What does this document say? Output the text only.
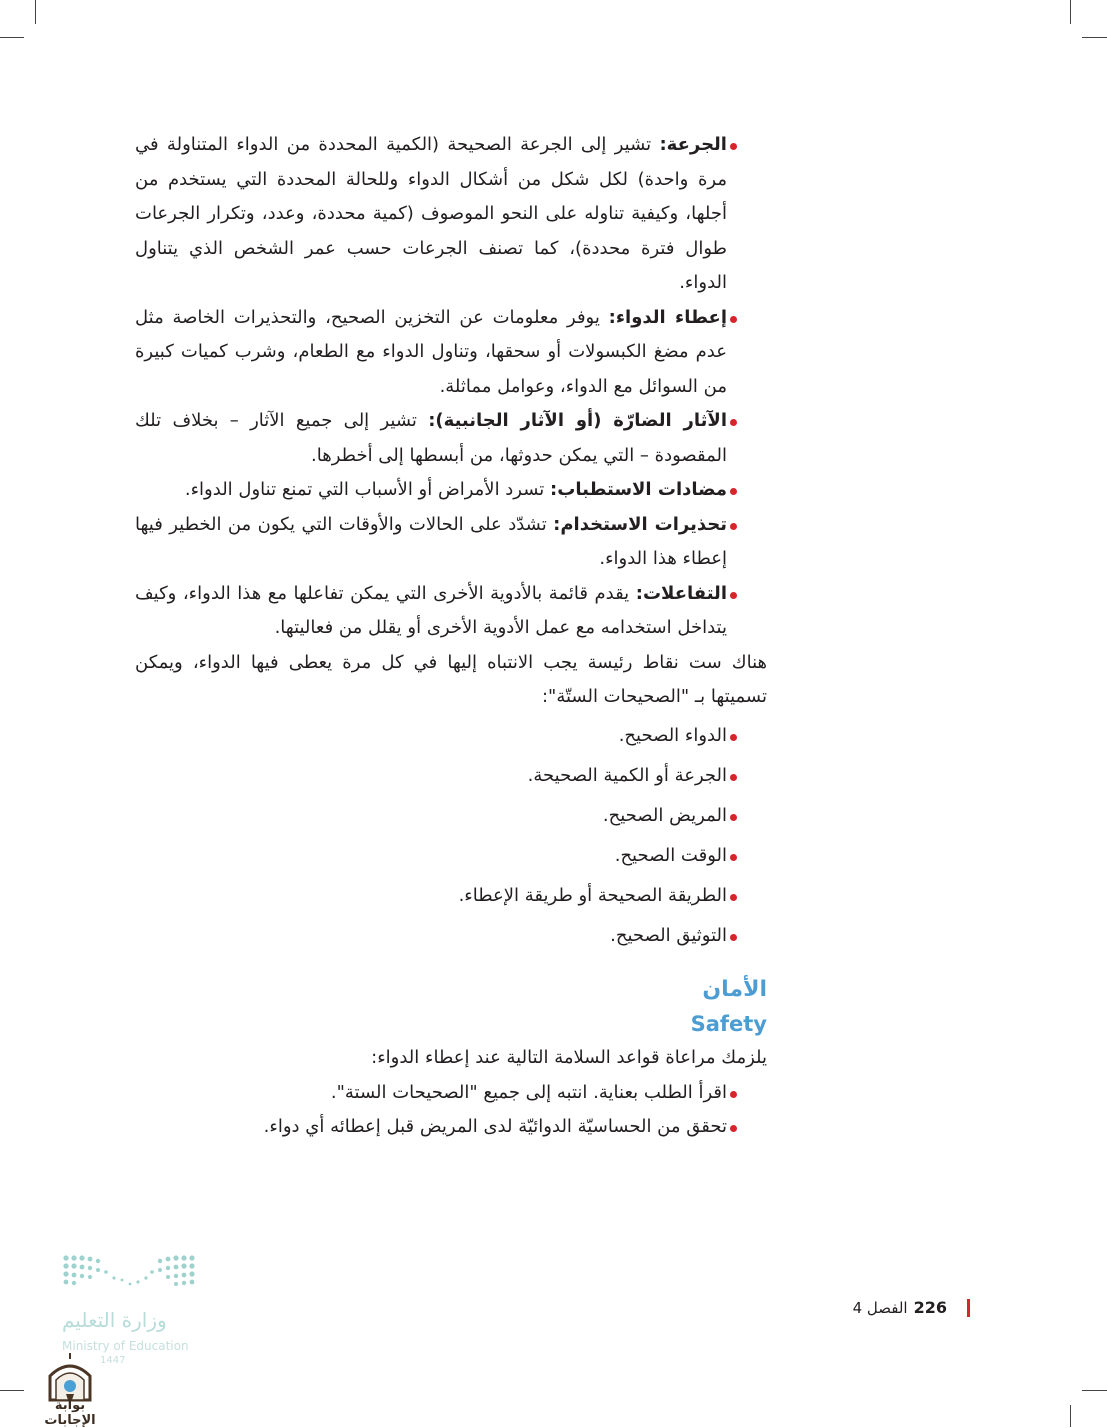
الجرعة: تشير إلى الجرعة الصحيحة (الكمية المحددة من الدواء المتناولة في مرة واحدة) لكل شكل من أشكال الدواء وللحالة المحددة التي يستخدم من أجلها، وكيفية تناوله على النحو الموصوف (كمية محددة، وعدد، وتكرار الجرعات طوال فترة محددة)، كما تصنف الجرعات حسب عمر الشخص الذي يتناول الدواء.

إعطاء الدواء: يوفر معلومات عن التخزين الصحيح، والتحذيرات الخاصة مثل عدم مضغ الكبسولات أو سحقها، وتناول الدواء مع الطعام، وشرب كميات كبيرة من السوائل مع الدواء، وعوامل مماثلة.

الآثار الضارّة (أو الآثار الجانبية): تشير إلى جميع الآثار – بخلاف تلك المقصودة – التي يمكن حدوثها، من أبسطها إلى أخطرها.

مضادات الاستطباب: تسرد الأمراض أو الأسباب التي تمنع تناول الدواء.

تحذيرات الاستخدام: تشدّد على الحالات والأوقات التي يكون من الخطير فيها إعطاء هذا الدواء.

التفاعلات: يقدم قائمة بالأدوية الأخرى التي يمكن تفاعلها مع هذا الدواء، وكيف يتداخل استخدامه مع عمل الأدوية الأخرى أو يقلل من فعاليتها.

هناك ست نقاط رئيسة يجب الانتباه إليها في كل مرة يعطى فيها الدواء، ويمكن تسميتها بـ "الصحيحات الستّة":

الدواء الصحيح.

الجرعة أو الكمية الصحيحة.

المريض الصحيح.

الوقت الصحيح.

الطريقة الصحيحة أو طريقة الإعطاء.

التوثيق الصحيح.

الأمان
Safety

يلزمك مراعاة قواعد السلامة التالية عند إعطاء الدواء:

اقرأ الطلب بعناية. انتبه إلى جميع "الصحيحات الستة".

تحقق من الحساسيّة الدوائيّة لدى المريض قبل إعطائه أي دواء.

الفصل 4 226
وزارة التعليم
Ministry of Education
1447
بوابة الإجابات
